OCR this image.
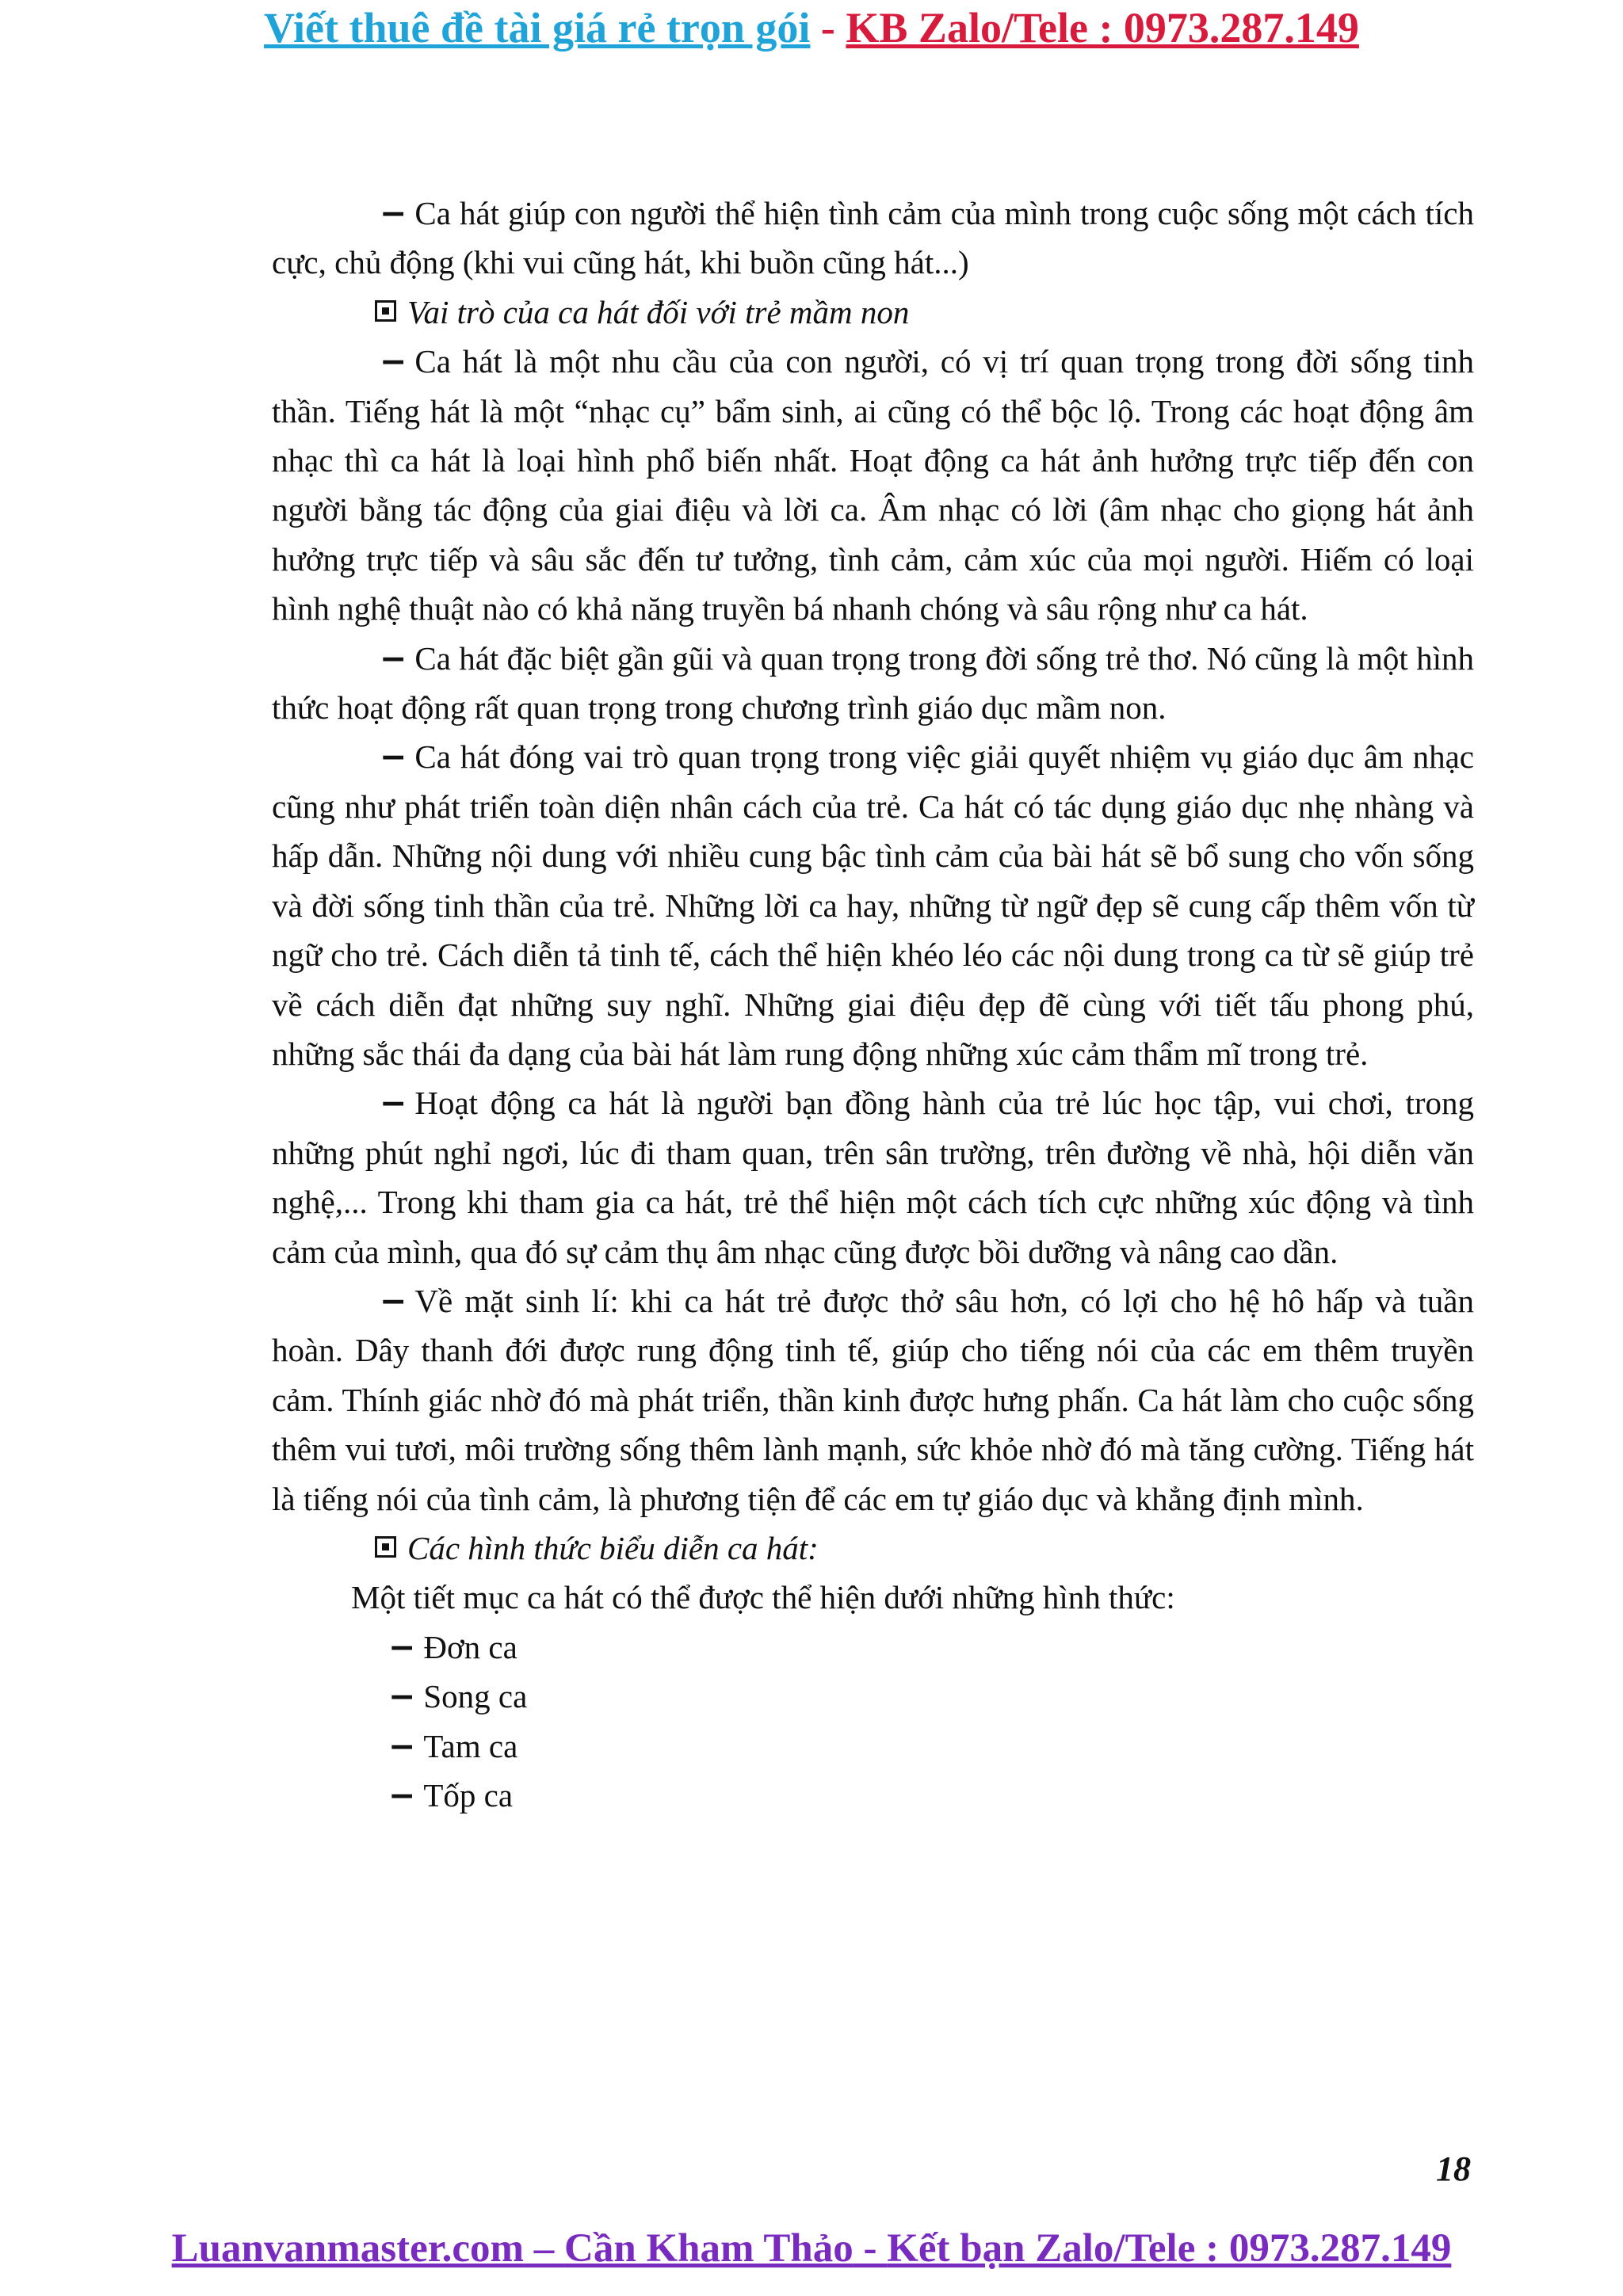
Viết thuê đề tài giá rẻ trọn gói - KB Zalo/Tele : 0973.287.149

− Ca hát giúp con người thể hiện tình cảm của mình trong cuộc sống một cách tích cực, chủ động (khi vui cũng hát, khi buồn cũng hát...)

Vai trò của ca hát đối với trẻ mầm non

− Ca hát là một nhu cầu của con người, có vị trí quan trọng trong đời sống tinh thần. Tiếng hát là một “nhạc cụ” bẩm sinh, ai cũng có thể bộc lộ. Trong các hoạt động âm nhạc thì ca hát là loại hình phổ biến nhất. Hoạt động ca hát ảnh hưởng trực tiếp đến con người bằng tác động của giai điệu và lời ca. Âm nhạc có lời (âm nhạc cho giọng hát ảnh hưởng trực tiếp và sâu sắc đến tư tưởng, tình cảm, cảm xúc của mọi người. Hiếm có loại hình nghệ thuật nào có khả năng truyền bá nhanh chóng và sâu rộng như ca hát.

− Ca hát đặc biệt gần gũi và quan trọng trong đời sống trẻ thơ. Nó cũng là một hình thức hoạt động rất quan trọng trong chương trình giáo dục mầm non.

− Ca hát đóng vai trò quan trọng trong việc giải quyết nhiệm vụ giáo dục âm nhạc cũng như phát triển toàn diện nhân cách của trẻ. Ca hát có tác dụng giáo dục nhẹ nhàng và hấp dẫn. Những nội dung với nhiều cung bậc tình cảm của bài hát sẽ bổ sung cho vốn sống và đời sống tinh thần của trẻ. Những lời ca hay, những từ ngữ đẹp sẽ cung cấp thêm vốn từ ngữ cho trẻ. Cách diễn tả tinh tế, cách thể hiện khéo léo các nội dung trong ca từ sẽ giúp trẻ về cách diễn đạt những suy nghĩ. Những giai điệu đẹp đẽ cùng với tiết tấu phong phú, những sắc thái đa dạng của bài hát làm rung động những xúc cảm thẩm mĩ trong trẻ.

− Hoạt động ca hát là người bạn đồng hành của trẻ lúc học tập, vui chơi, trong những phút nghỉ ngơi, lúc đi tham quan, trên sân trường, trên đường về nhà, hội diễn văn nghệ,... Trong khi tham gia ca hát, trẻ thể hiện một cách tích cực những xúc động và tình cảm của mình, qua đó sự cảm thụ âm nhạc cũng được bồi dưỡng và nâng cao dần.

− Về mặt sinh lí: khi ca hát trẻ được thở sâu hơn, có lợi cho hệ hô hấp và tuần hoàn. Dây thanh đới được rung động tinh tế, giúp cho tiếng nói của các em thêm truyền cảm. Thính giác nhờ đó mà phát triển, thần kinh được hưng phấn. Ca hát làm cho cuộc sống thêm vui tươi, môi trường sống thêm lành mạnh, sức khỏe nhờ đó mà tăng cường. Tiếng hát là tiếng nói của tình cảm, là phương tiện để các em tự giáo dục và khẳng định mình.

Các hình thức biểu diễn ca hát:

Một tiết mục ca hát có thể được thể hiện dưới những hình thức:

− Đơn ca

− Song ca

− Tam ca

− Tốp ca

18
Luanvanmaster.com – Cần Kham Thảo - Kết bạn Zalo/Tele : 0973.287.149
